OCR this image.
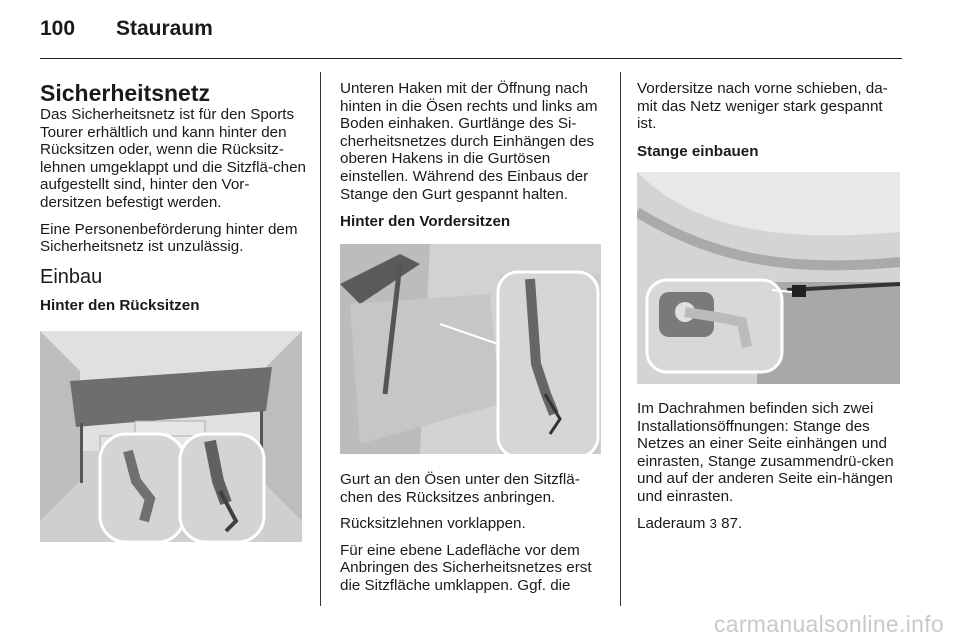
100 Stauraum
Sicherheitsnetz

Das Sicherheitsnetz ist für den Sports Tourer erhältlich und kann hinter den Rücksitzen oder, wenn die Rücksitz-lehnen umgeklappt und die Sitzflä-chen aufgestellt sind, hinter den Vor-dersitzen befestigt werden.

Eine Personenbeförderung hinter dem Sicherheitsnetz ist unzulässig.

Einbau
Hinter den Rücksitzen

Unteren Haken mit der Öffnung nach hinten in die Ösen rechts und links am Boden einhaken. Gurtlänge des Si-cherheitsnetzes durch Einhängen des oberen Hakens in die Gurtösen einstellen. Während des Einbaus der Stange den Gurt gespannt halten.

Hinter den Vordersitzen

Gurt an den Ösen unter den Sitzflä-chen des Rücksitzes anbringen.

Rücksitzlehnen vorklappen.

Für eine ebene Ladefläche vor dem Anbringen des Sicherheitsnetzes erst die Sitzfläche umklappen. Ggf. die

Vordersitze nach vorne schieben, da-mit das Netz weniger stark gespannt ist.

Stange einbauen

Im Dachrahmen befinden sich zwei Installationsöffnungen: Stange des Netzes an einer Seite einhängen und einrasten, Stange zusammendrü-cken und auf der anderen Seite ein-hängen und einrasten.

Laderaum 3 87.

carmanualsonline.info
